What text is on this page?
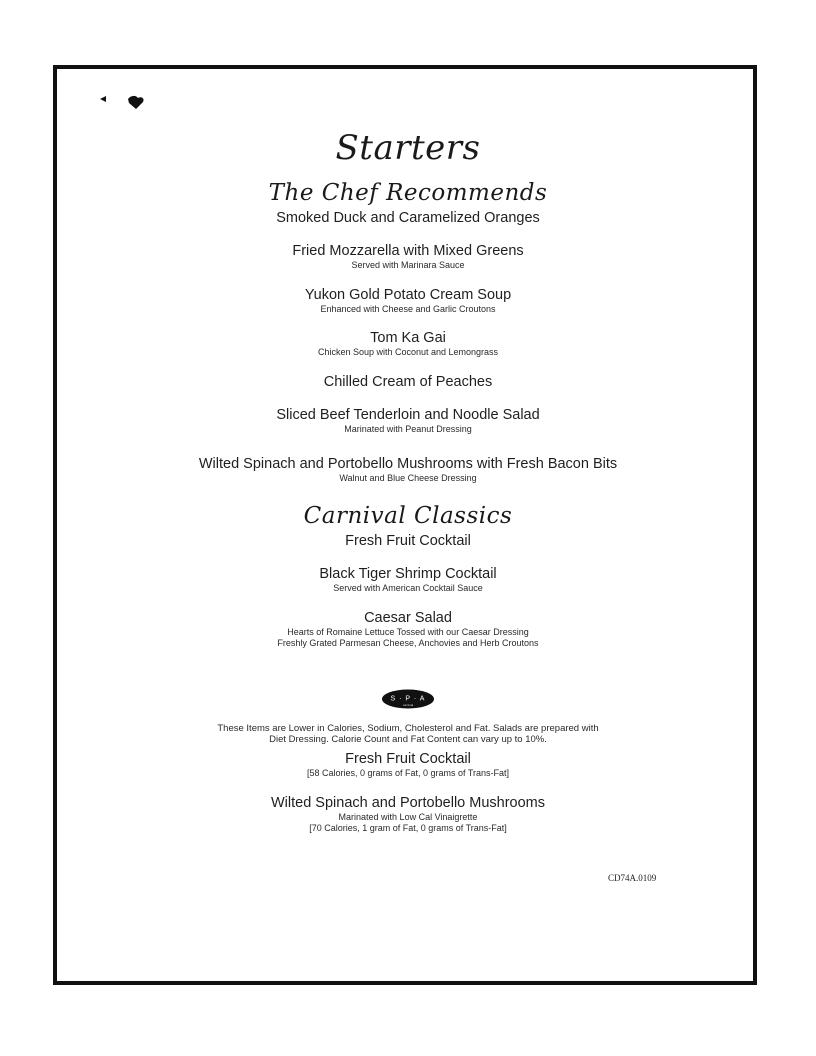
Starters
The Chef Recommends
Smoked Duck and Caramelized Oranges
Fried Mozzarella with Mixed Greens
Served with Marinara Sauce
Yukon Gold Potato Cream Soup
Enhanced with Cheese and Garlic Croutons
Tom Ka Gai
Chicken Soup with Coconut and Lemongrass
Chilled Cream of Peaches
Sliced Beef Tenderloin and Noodle Salad
Marinated with Peanut Dressing
Wilted Spinach and Portobello Mushrooms with Fresh Bacon Bits
Walnut and Blue Cheese Dressing
Carnival Classics
Fresh Fruit Cocktail
Black Tiger Shrimp Cocktail
Served with American Cocktail Sauce
Caesar Salad
Hearts of Romaine Lettuce Tossed with our Caesar Dressing
Freshly Grated Parmesan Cheese, Anchovies and Herb Croutons
S · P · A
carnival
These Items are Lower in Calories, Sodium, Cholesterol and Fat. Salads are prepared with
Diet Dressing. Calorie Count and Fat Content can vary up to 10%.
Fresh Fruit Cocktail
[58 Calories, 0 grams of Fat, 0 grams of Trans-Fat]
Wilted Spinach and Portobello Mushrooms
Marinated with Low Cal Vinaigrette
[70 Calories, 1 gram of Fat, 0 grams of Trans-Fat]
CD74A.0109
